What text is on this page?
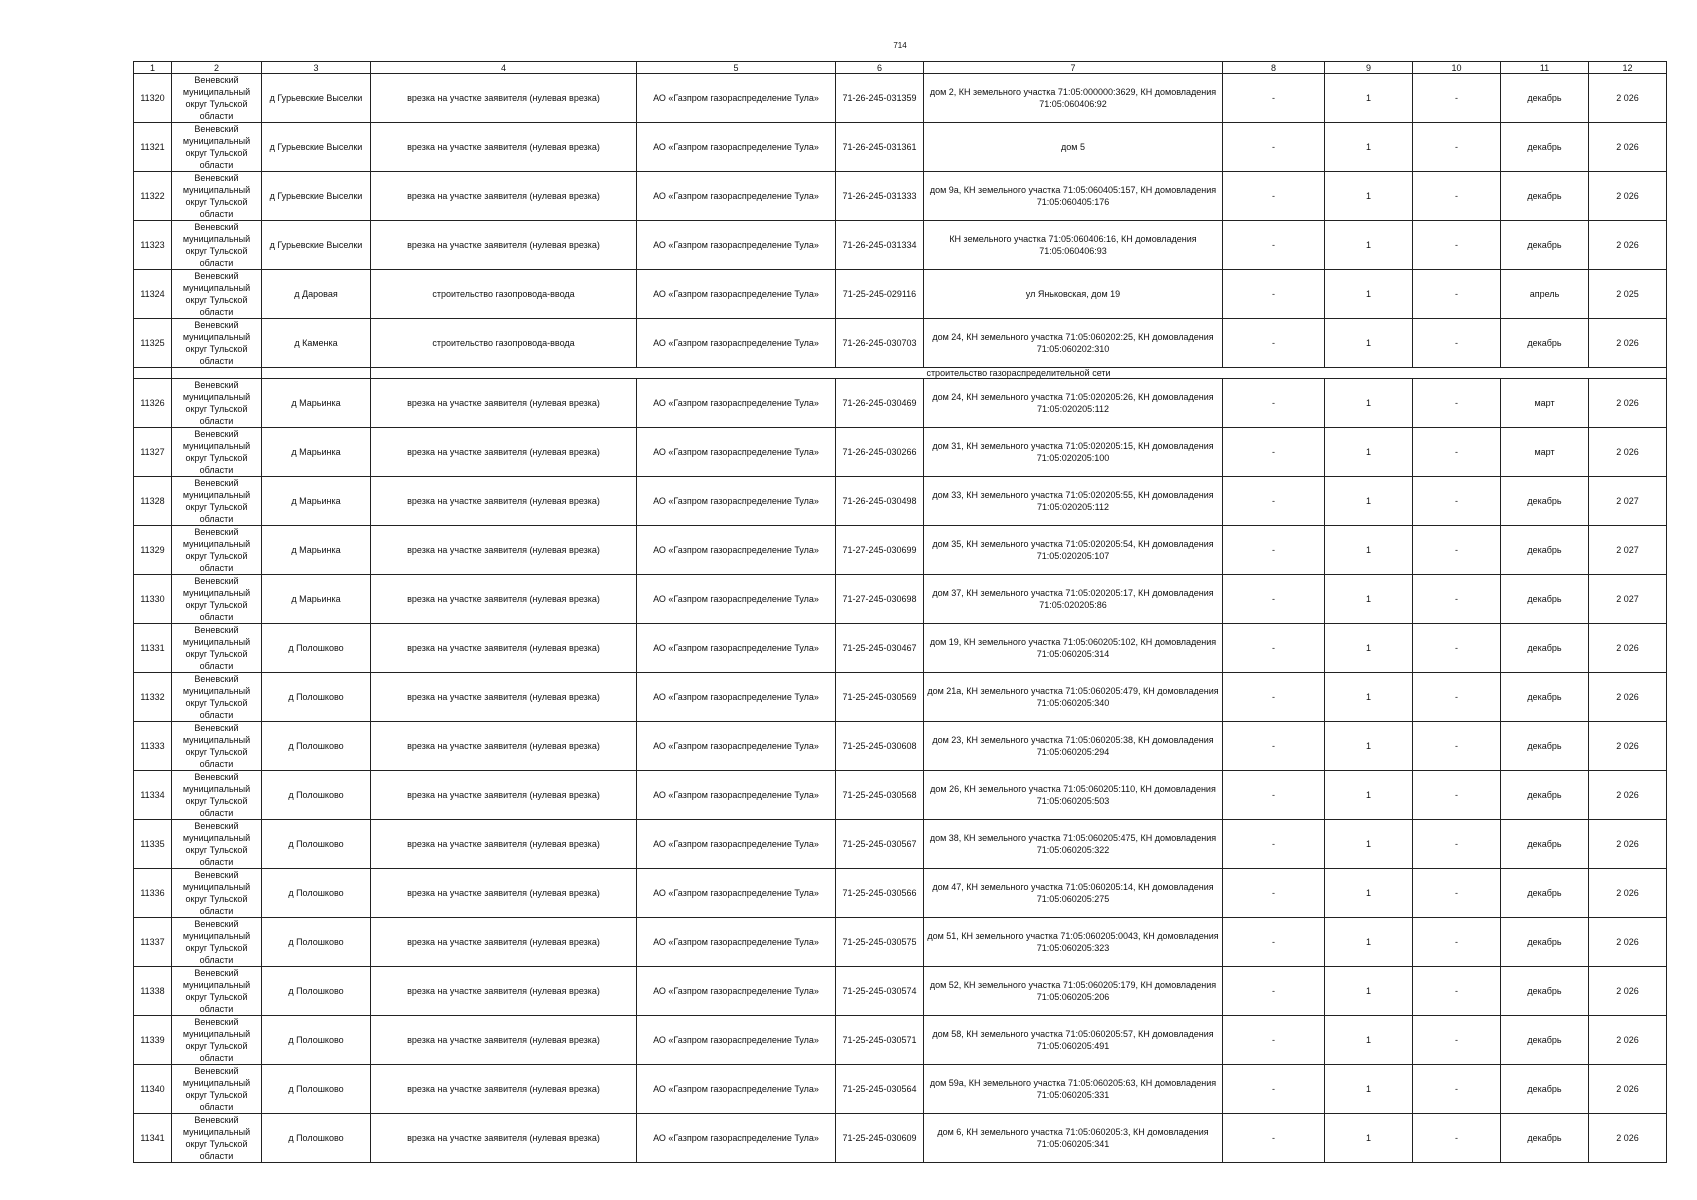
714
1	2	3	4	5	6	7	8	9	10	11	12
11320	Веневский муниципальный округ Тульской области	д Гурьевские Выселки	врезка на участке заявителя (нулевая врезка)	АО «Газпром газораспределение Тула»	71-26-245-031359	дом 2, КН земельного участка 71:05:000000:3629, КН домовладения 71:05:060406:92	-	1	-	декабрь	2 026
11321	Веневский муниципальный округ Тульской области	д Гурьевские Выселки	врезка на участке заявителя (нулевая врезка)	АО «Газпром газораспределение Тула»	71-26-245-031361	дом 5	-	1	-	декабрь	2 026
11322	Веневский муниципальный округ Тульской области	д Гурьевские Выселки	врезка на участке заявителя (нулевая врезка)	АО «Газпром газораспределение Тула»	71-26-245-031333	дом 9а, КН земельного участка 71:05:060405:157, КН домовладения 71:05:060405:176	-	1	-	декабрь	2 026
11323	Веневский муниципальный округ Тульской области	д Гурьевские Выселки	врезка на участке заявителя (нулевая врезка)	АО «Газпром газораспределение Тула»	71-26-245-031334	КН земельного участка 71:05:060406:16, КН домовладения 71:05:060406:93	-	1	-	декабрь	2 026
11324	Веневский муниципальный округ Тульской области	д Даровая	строительство газопровода-ввода	АО «Газпром газораспределение Тула»	71-25-245-029116	ул Яньковская, дом 19	-	1	-	апрель	2 025
11325	Веневский муниципальный округ Тульской области	д Каменка	строительство газопровода-ввода	АО «Газпром газораспределение Тула»	71-26-245-030703	дом 24, КН земельного участка 71:05:060202:25, КН домовладения 71:05:060202:310	-	1	-	декабрь	2 026
			строительство газораспределительной сети								
11326	Веневский муниципальный округ Тульской области	д Марьинка	врезка на участке заявителя (нулевая врезка)	АО «Газпром газораспределение Тула»	71-26-245-030469	дом 24, КН земельного участка 71:05:020205:26, КН домовладения 71:05:020205:112	-	1	-	март	2 026
11327	Веневский муниципальный округ Тульской области	д Марьинка	врезка на участке заявителя (нулевая врезка)	АО «Газпром газораспределение Тула»	71-26-245-030266	дом 31, КН земельного участка 71:05:020205:15, КН домовладения 71:05:020205:100	-	1	-	март	2 026
11328	Веневский муниципальный округ Тульской области	д Марьинка	врезка на участке заявителя (нулевая врезка)	АО «Газпром газораспределение Тула»	71-26-245-030498	дом 33, КН земельного участка 71:05:020205:55, КН домовладения 71:05:020205:112	-	1	-	декабрь	2 027
11329	Веневский муниципальный округ Тульской области	д Марьинка	врезка на участке заявителя (нулевая врезка)	АО «Газпром газораспределение Тула»	71-27-245-030699	дом 35, КН земельного участка 71:05:020205:54, КН домовладения 71:05:020205:107	-	1	-	декабрь	2 027
11330	Веневский муниципальный округ Тульской области	д Марьинка	врезка на участке заявителя (нулевая врезка)	АО «Газпром газораспределение Тула»	71-27-245-030698	дом 37, КН земельного участка 71:05:020205:17, КН домовладения 71:05:020205:86	-	1	-	декабрь	2 027
11331	Веневский муниципальный округ Тульской области	д Полошково	врезка на участке заявителя (нулевая врезка)	АО «Газпром газораспределение Тула»	71-25-245-030467	дом 19, КН земельного участка 71:05:060205:102, КН домовладения 71:05:060205:314	-	1	-	декабрь	2 026
11332	Веневский муниципальный округ Тульской области	д Полошково	врезка на участке заявителя (нулевая врезка)	АО «Газпром газораспределение Тула»	71-25-245-030569	дом 21а, КН земельного участка 71:05:060205:479, КН домовладения 71:05:060205:340	-	1	-	декабрь	2 026
11333	Веневский муниципальный округ Тульской области	д Полошково	врезка на участке заявителя (нулевая врезка)	АО «Газпром газораспределение Тула»	71-25-245-030608	дом 23, КН земельного участка 71:05:060205:38, КН домовладения 71:05:060205:294	-	1	-	декабрь	2 026
11334	Веневский муниципальный округ Тульской области	д Полошково	врезка на участке заявителя (нулевая врезка)	АО «Газпром газораспределение Тула»	71-25-245-030568	дом 26, КН земельного участка 71:05:060205:110, КН домовладения 71:05:060205:503	-	1	-	декабрь	2 026
11335	Веневский муниципальный округ Тульской области	д Полошково	врезка на участке заявителя (нулевая врезка)	АО «Газпром газораспределение Тула»	71-25-245-030567	дом 38, КН земельного участка 71:05:060205:475, КН домовладения 71:05:060205:322	-	1	-	декабрь	2 026
11336	Веневский муниципальный округ Тульской области	д Полошково	врезка на участке заявителя (нулевая врезка)	АО «Газпром газораспределение Тула»	71-25-245-030566	дом 47, КН земельного участка 71:05:060205:14, КН домовладения 71:05:060205:275	-	1	-	декабрь	2 026
11337	Веневский муниципальный округ Тульской области	д Полошково	врезка на участке заявителя (нулевая врезка)	АО «Газпром газораспределение Тула»	71-25-245-030575	дом 51, КН земельного участка 71:05:060205:0043, КН домовладения 71:05:060205:323	-	1	-	декабрь	2 026
11338	Веневский муниципальный округ Тульской области	д Полошково	врезка на участке заявителя (нулевая врезка)	АО «Газпром газораспределение Тула»	71-25-245-030574	дом 52, КН земельного участка 71:05:060205:179, КН домовладения 71:05:060205:206	-	1	-	декабрь	2 026
11339	Веневский муниципальный округ Тульской области	д Полошково	врезка на участке заявителя (нулевая врезка)	АО «Газпром газораспределение Тула»	71-25-245-030571	дом 58, КН земельного участка 71:05:060205:57, КН домовладения 71:05:060205:491	-	1	-	декабрь	2 026
11340	Веневский муниципальный округ Тульской области	д Полошково	врезка на участке заявителя (нулевая врезка)	АО «Газпром газораспределение Тула»	71-25-245-030564	дом 59а, КН земельного участка 71:05:060205:63, КН домовладения 71:05:060205:331	-	1	-	декабрь	2 026
11341	Веневский муниципальный округ Тульской области	д Полошково	врезка на участке заявителя (нулевая врезка)	АО «Газпром газораспределение Тула»	71-25-245-030609	дом 6, КН земельного участка 71:05:060205:3, КН домовладения 71:05:060205:341	-	1	-	декабрь	2 026
